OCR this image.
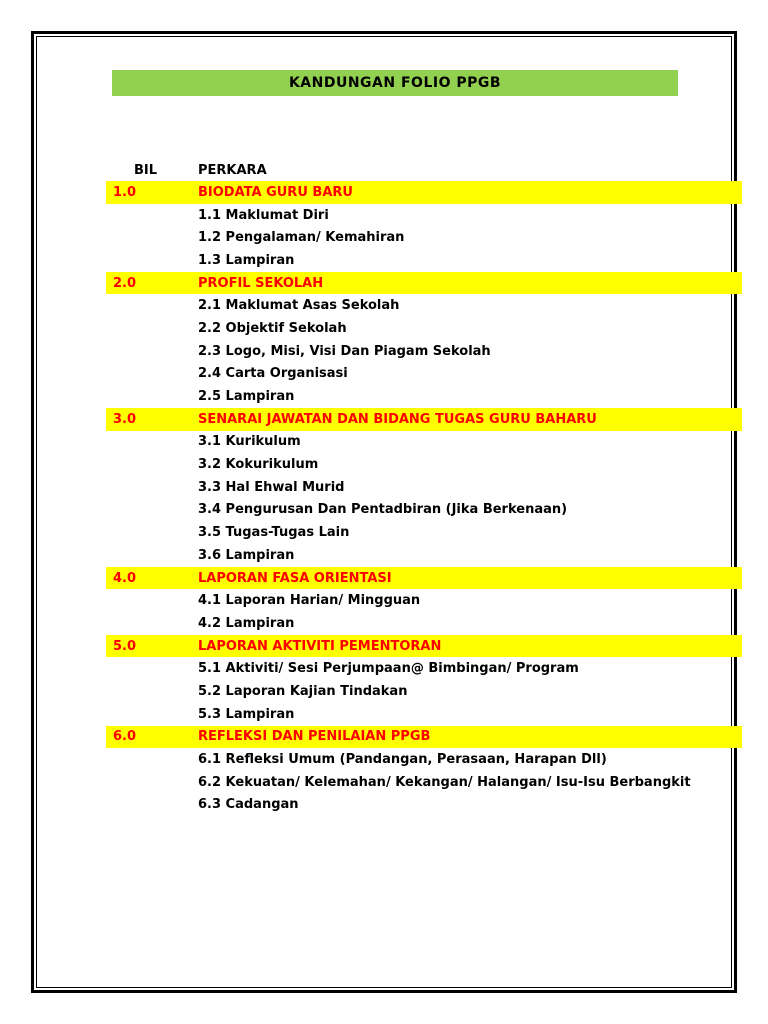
KANDUNGAN FOLIO PPGB
BIL	PERKARA
1.0	BIODATA GURU BARU
1.1 Maklumat Diri
1.2 Pengalaman/ Kemahiran
1.3 Lampiran
2.0	PROFIL SEKOLAH
2.1 Maklumat Asas Sekolah
2.2 Objektif Sekolah
2.3 Logo, Misi, Visi Dan Piagam Sekolah
2.4 Carta Organisasi
2.5 Lampiran
3.0	SENARAI JAWATAN DAN BIDANG TUGAS GURU BAHARU
3.1 Kurikulum
3.2 Kokurikulum
3.3 Hal Ehwal Murid
3.4 Pengurusan Dan Pentadbiran (Jika Berkenaan)
3.5 Tugas-Tugas Lain
3.6 Lampiran
4.0	LAPORAN FASA ORIENTASI
4.1 Laporan Harian/ Mingguan
4.2 Lampiran
5.0	LAPORAN AKTIVITI PEMENTORAN
5.1 Aktiviti/ Sesi Perjumpaan@ Bimbingan/ Program
5.2 Laporan Kajian Tindakan
5.3 Lampiran
6.0	REFLEKSI DAN PENILAIAN PPGB
6.1 Refleksi Umum (Pandangan, Perasaan, Harapan Dll)
6.2 Kekuatan/ Kelemahan/ Kekangan/ Halangan/ Isu-Isu Berbangkit
6.3 Cadangan
